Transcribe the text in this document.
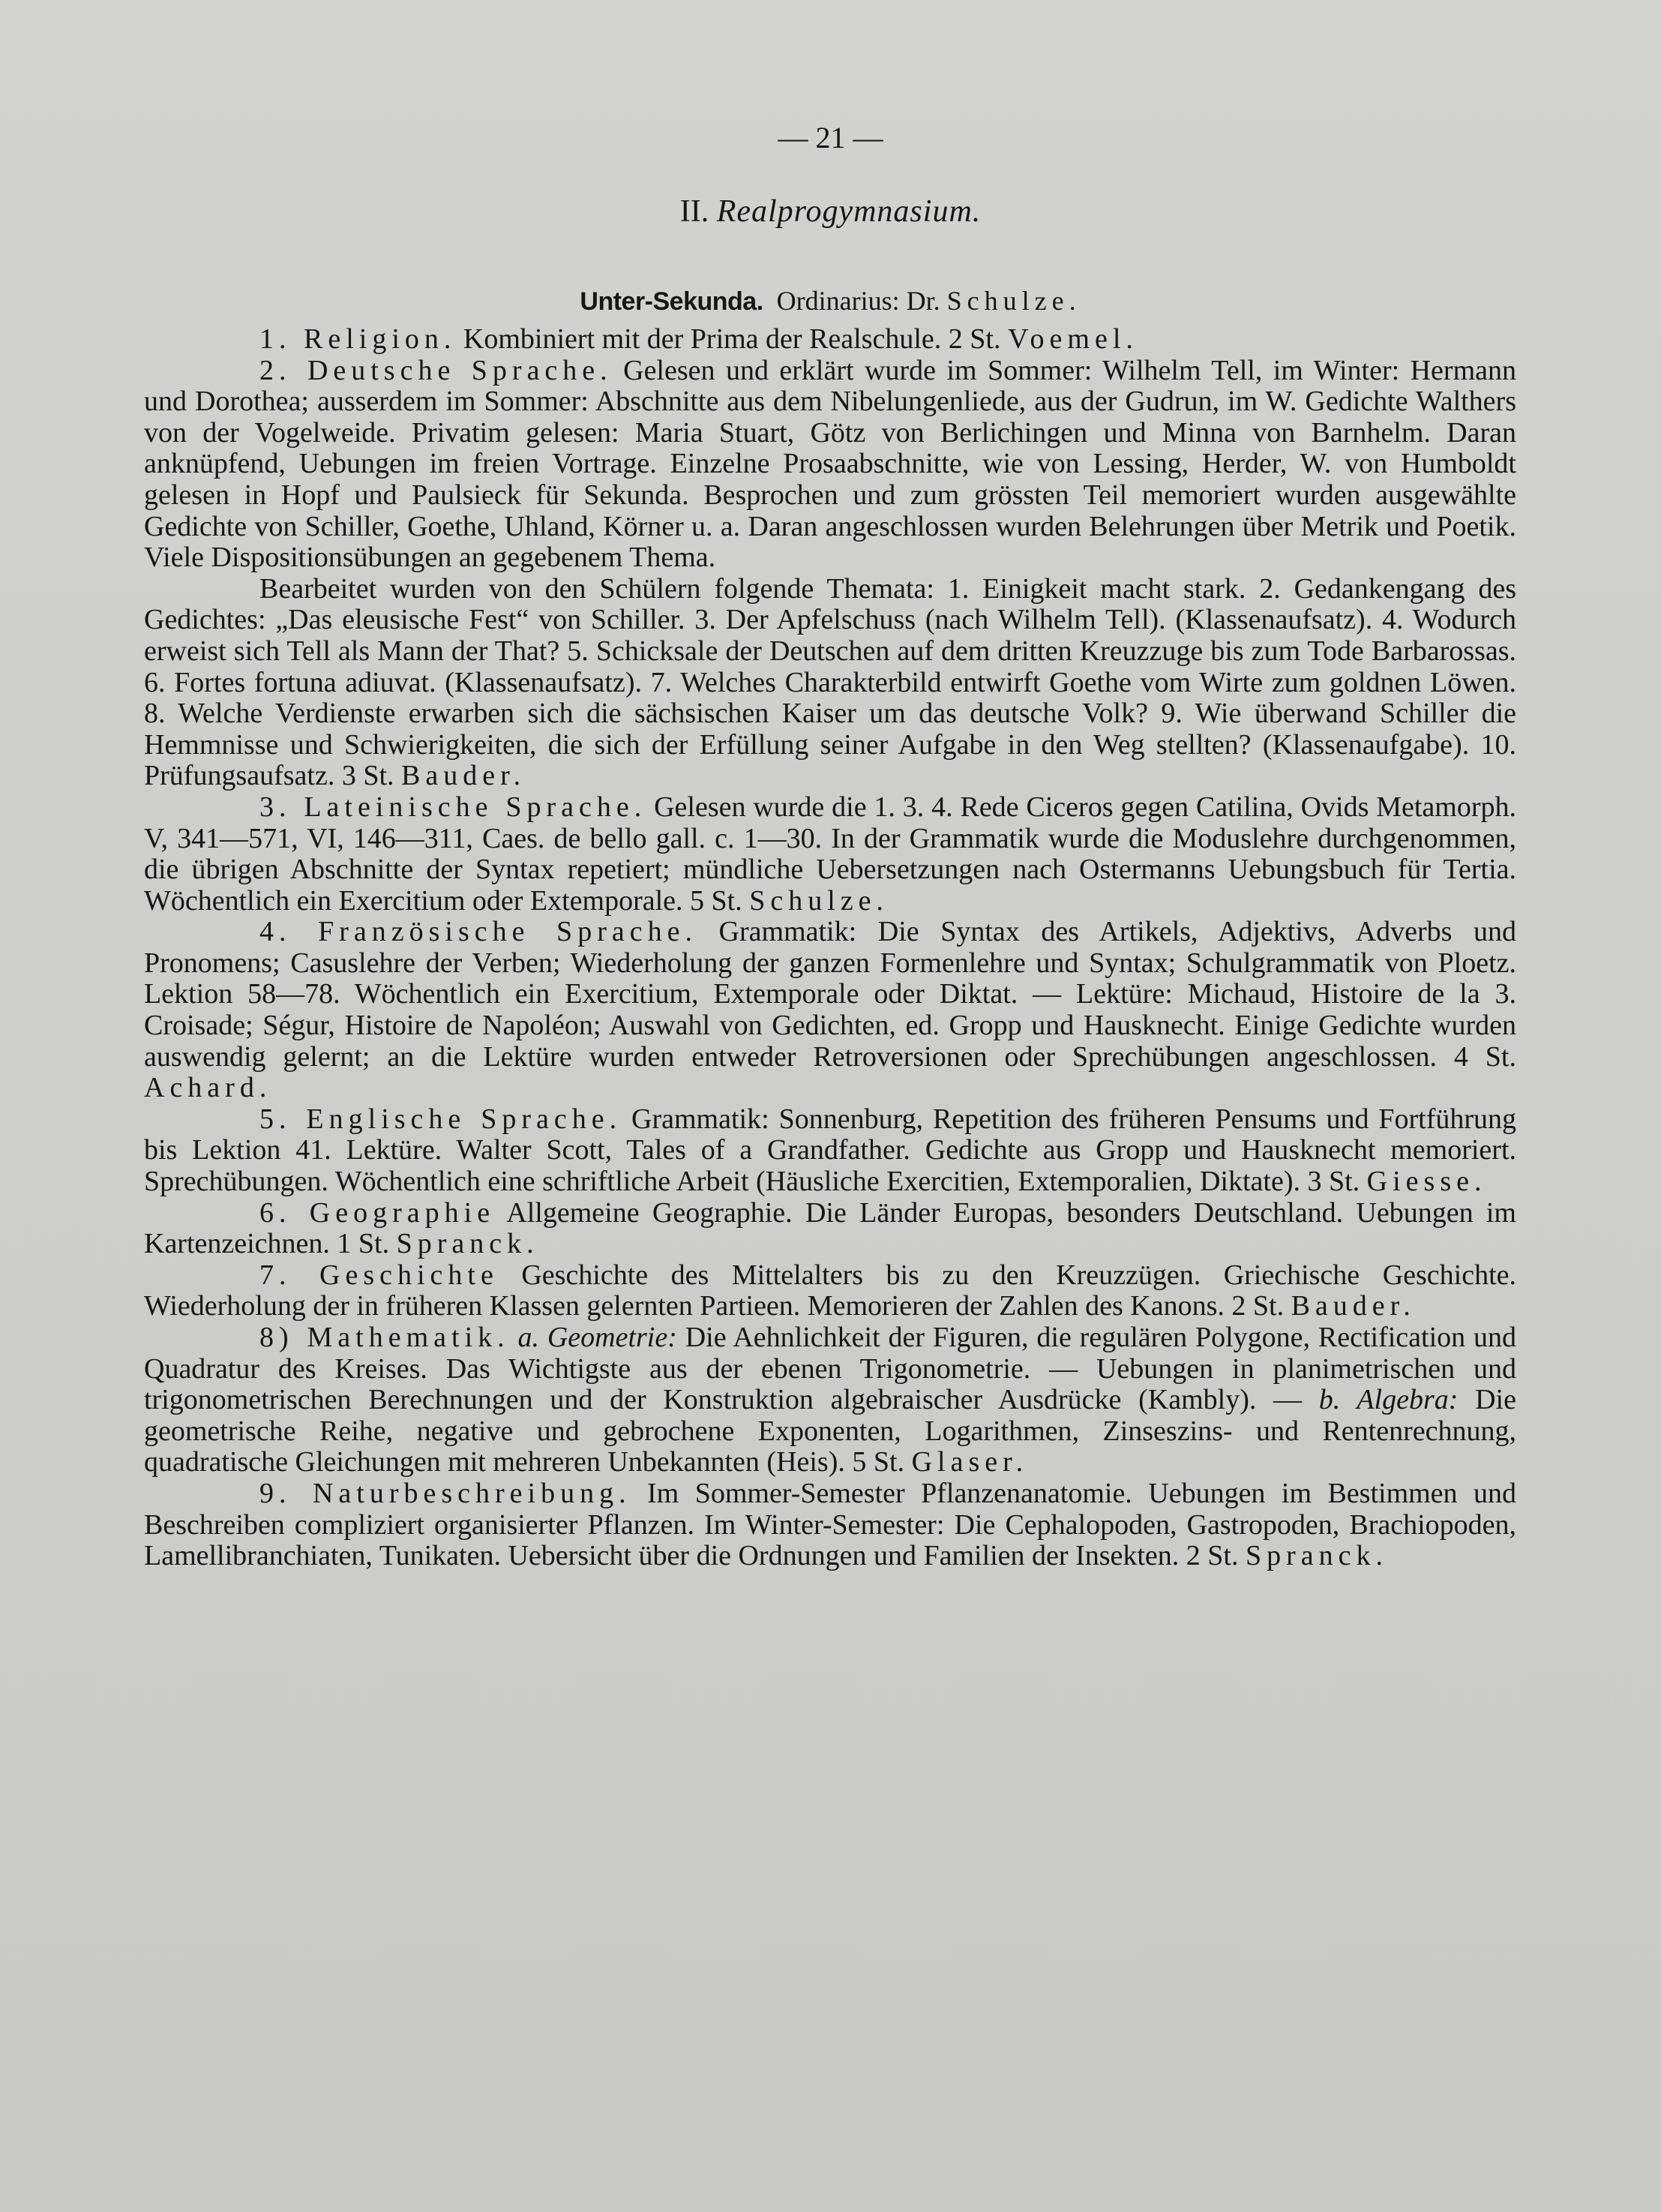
— 21 —
II. Realprogymnasium.
Unter-Sekunda. Ordinarius: Dr. Schulze.

1. Religion. Kombiniert mit der Prima der Realschule. 2 St. Voemel.

2. Deutsche Sprache. Gelesen und erklärt wurde im Sommer: Wilhelm Tell, im Winter: Hermann und Dorothea; ausserdem im Sommer: Abschnitte aus dem Nibelungenliede, aus der Gudrun, im W. Gedichte Walthers von der Vogelweide. Privatim gelesen: Maria Stuart, Götz von Berlichingen und Minna von Barnhelm. Daran anknüpfend, Uebungen im freien Vortrage. Einzelne Prosaabschnitte, wie von Lessing, Herder, W. von Humboldt gelesen in Hopf und Paulsieck für Sekunda. Besprochen und zum grössten Teil memoriert wurden ausgewählte Gedichte von Schiller, Goethe, Uhland, Körner u. a. Daran angeschlossen wurden Belehrungen über Metrik und Poetik. Viele Dispositionsübungen an gegebenem Thema.

Bearbeitet wurden von den Schülern folgende Themata: 1. Einigkeit macht stark. 2. Gedankengang des Gedichtes: „Das eleusische Fest“ von Schiller. 3. Der Apfelschuss (nach Wilhelm Tell). (Klassenaufsatz). 4. Wodurch erweist sich Tell als Mann der That? 5. Schicksale der Deutschen auf dem dritten Kreuzzuge bis zum Tode Barbarossas. 6. Fortes fortuna adiuvat. (Klassenaufsatz). 7. Welches Charakterbild entwirft Goethe vom Wirte zum goldnen Löwen. 8. Welche Verdienste erwarben sich die sächsischen Kaiser um das deutsche Volk? 9. Wie überwand Schiller die Hemmnisse und Schwierigkeiten, die sich der Erfüllung seiner Aufgabe in den Weg stellten? (Klassenaufgabe). 10. Prüfungsaufsatz. 3 St. Bauder.

3. Lateinische Sprache. Gelesen wurde die 1. 3. 4. Rede Ciceros gegen Catilina, Ovids Metamorph. V, 341—571, VI, 146—311, Caes. de bello gall. c. 1—30. In der Grammatik wurde die Moduslehre durchgenommen, die übrigen Abschnitte der Syntax repetiert; mündliche Uebersetzungen nach Ostermanns Uebungsbuch für Tertia. Wöchentlich ein Exercitium oder Extemporale. 5 St. Schulze.

4. Französische Sprache. Grammatik: Die Syntax des Artikels, Adjektivs, Adverbs und Pronomens; Casuslehre der Verben; Wiederholung der ganzen Formenlehre und Syntax; Schulgrammatik von Ploetz. Lektion 58—78. Wöchentlich ein Exercitium, Extemporale oder Diktat. — Lektüre: Michaud, Histoire de la 3. Croisade; Ségur, Histoire de Napoléon; Auswahl von Gedichten, ed. Gropp und Hausknecht. Einige Gedichte wurden auswendig gelernt; an die Lektüre wurden entweder Retroversionen oder Sprechübungen angeschlossen. 4 St. Achard.

5. Englische Sprache. Grammatik: Sonnenburg, Repetition des früheren Pensums und Fortführung bis Lektion 41. Lektüre. Walter Scott, Tales of a Grandfather. Gedichte aus Gropp und Hausknecht memoriert. Sprechübungen. Wöchentlich eine schriftliche Arbeit (Häusliche Exercitien, Extemporalien, Diktate). 3 St. Giesse.

6. Geographie Allgemeine Geographie. Die Länder Europas, besonders Deutschland. Uebungen im Kartenzeichnen. 1 St. Spranck.

7. Geschichte Geschichte des Mittelalters bis zu den Kreuzzügen. Griechische Geschichte. Wiederholung der in früheren Klassen gelernten Partieen. Memorieren der Zahlen des Kanons. 2 St. Bauder.

8) Mathematik. a. Geometrie: Die Aehnlichkeit der Figuren, die regulären Polygone, Rectification und Quadratur des Kreises. Das Wichtigste aus der ebenen Trigonometrie. — Uebungen in planimetrischen und trigonometrischen Berechnungen und der Konstruktion algebraischer Ausdrücke (Kambly). — b. Algebra: Die geometrische Reihe, negative und gebrochene Exponenten, Logarithmen, Zinseszins- und Rentenrechnung, quadratische Gleichungen mit mehreren Unbekannten (Heis). 5 St. Glaser.

9. Naturbeschreibung. Im Sommer-Semester Pflanzenanatomie. Uebungen im Bestimmen und Beschreiben compliziert organisierter Pflanzen. Im Winter-Semester: Die Cephalopoden, Gastropoden, Brachiopoden, Lamellibranchiaten, Tunikaten. Uebersicht über die Ordnungen und Familien der Insekten. 2 St. Spranck.
